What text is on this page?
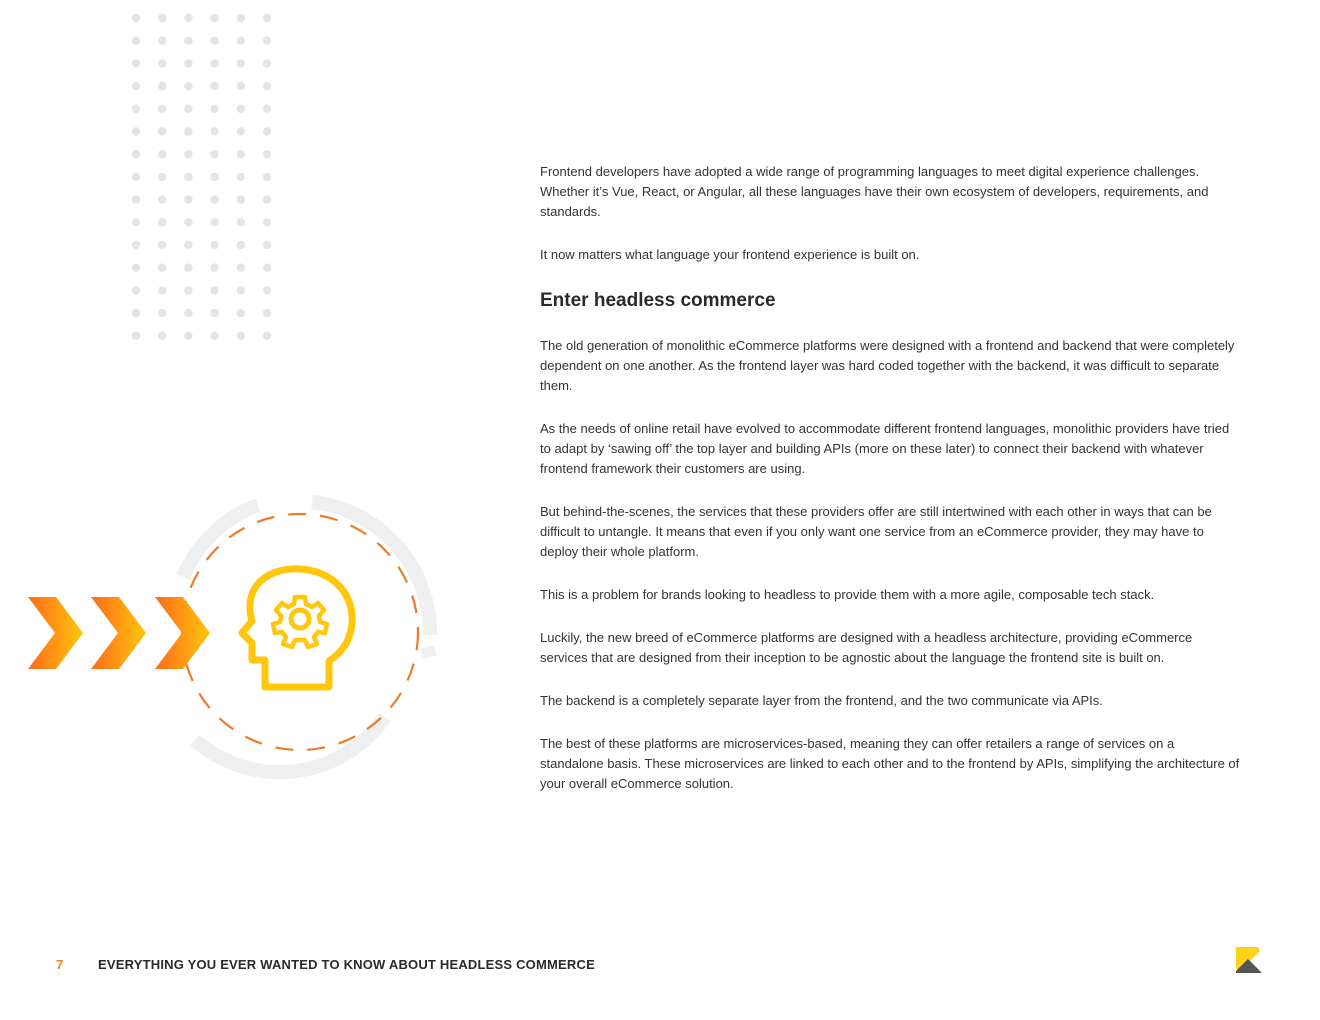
Frontend developers have adopted a wide range of programming languages to meet digital experience challenges. Whether it’s Vue, React, or Angular, all these languages have their own ecosystem of developers, requirements, and standards.

It now matters what language your frontend experience is built on.

Enter headless commerce

The old generation of monolithic eCommerce platforms were designed with a frontend and backend that were completely dependent on one another. As the frontend layer was hard coded together with the backend, it was difficult to separate them.

As the needs of online retail have evolved to accommodate different frontend languages, monolithic providers have tried to adapt by ‘sawing off’ the top layer and building APIs (more on these later) to connect their backend with whatever frontend framework their customers are using.

But behind-the-scenes, the services that these providers offer are still intertwined with each other in ways that can be difficult to untangle. It means that even if you only want one service from an eCommerce provider, they may have to deploy their whole platform.

This is a problem for brands looking to headless to provide them with a more agile, composable tech stack.

Luckily, the new breed of eCommerce platforms are designed with a headless architecture, providing eCommerce services that are designed from their inception to be agnostic about the language the frontend site is built on.

The backend is a completely separate layer from the frontend, and the two communicate via APIs.

The best of these platforms are microservices-based, meaning they can offer retailers a range of services on a standalone basis. These microservices are linked to each other and to the frontend by APIs, simplifying the architecture of your overall eCommerce solution.

7	EVERYTHING YOU EVER WANTED TO KNOW ABOUT HEADLESS COMMERCE
